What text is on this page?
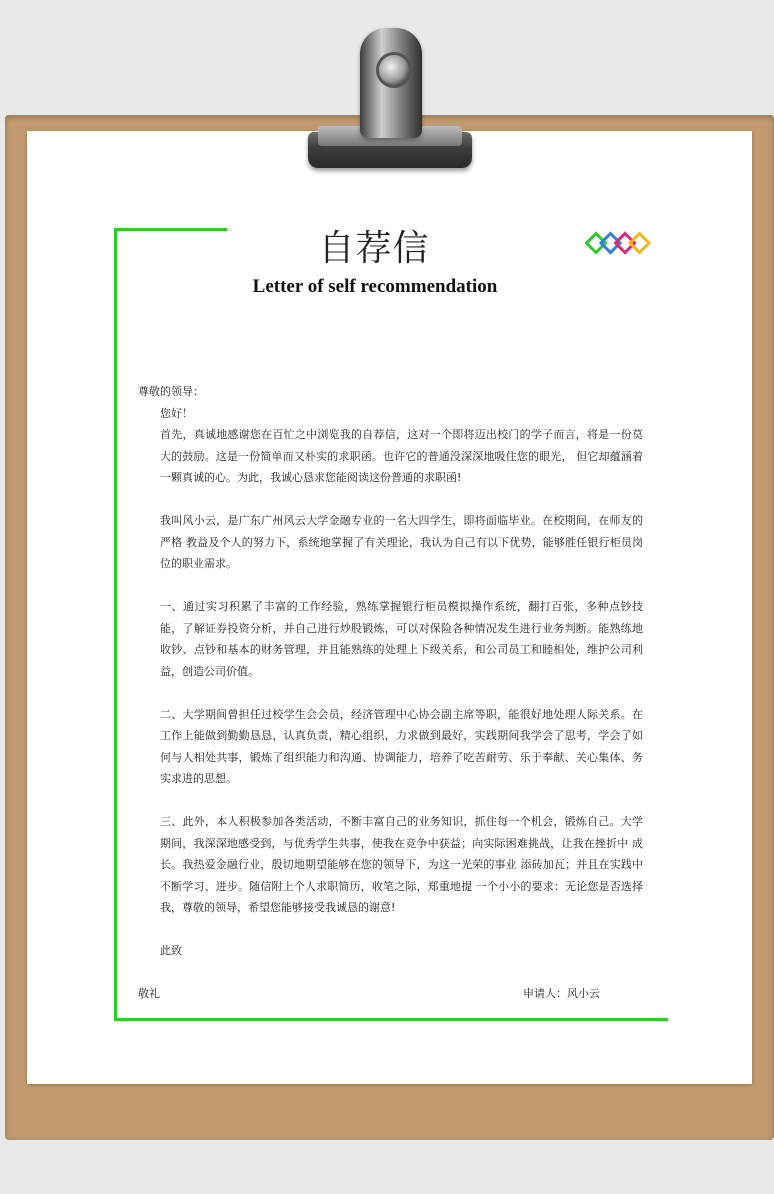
自荐信
Letter of self recommendation

尊敬的领导：

您好！

首先，真诚地感谢您在百忙之中浏览我的自荐信，这对一个即将迈出校门的学子而言，将是一份莫大的鼓励。这是一份简单而又朴实的求职函。也许它的普通没深深地吸住您的眼光， 但它却蕴涵着一颗真诚的心。为此，我诚心恳求您能阅读这份普通的求职函!

我叫风小云，是广东广州风云大学金融专业的一名大四学生，即将面临毕业。在校期间，在师友的严格 教益及个人的努力下，系统地掌握了有关理论，我认为自己有以下优势，能够胜任银行柜员岗位的职业需求。

一、通过实习积累了丰富的工作经验，熟练掌握银行柜员模拟操作系统，翻打百张，多种点钞技能，了解证券投资分析，并自己进行炒股锻炼，可以对保险各种情况发生进行业务判断。能熟练地收钞、点钞和基本的财务管理，并且能熟练的处理上下级关系，和公司员工和睦相处，维护公司利益，创造公司价值。

二、大学期间曾担任过校学生会会员，经济管理中心协会副主席等职，能很好地处理人际关系。在工作上能做到勤勤恳恳，认真负责，精心组织，力求做到最好，实践期间我学会了思考，学会了如何与人相处共事，锻炼了组织能力和沟通、协调能力，培养了吃苦耐劳、乐于奉献、关心集体、务实求进的思想。

三、此外，本人积极参加各类活动，不断丰富自己的业务知识，抓住每一个机会，锻炼自己。大学期间，我深深地感受到，与优秀学生共事，使我在竞争中获益；向实际困难挑战，让我在挫折中 成长。我热爱金融行业，殷切地期望能够在您的领导下，为这一光荣的事业 添砖加瓦；并且在实践中不断学习、进步。随信附上个人求职简历，收笔之际，郑重地提 一个小小的要求：无论您是否选择我，尊敬的领导，希望您能够接受我诚恳的谢意!

此致

敬礼	申请人：风小云
